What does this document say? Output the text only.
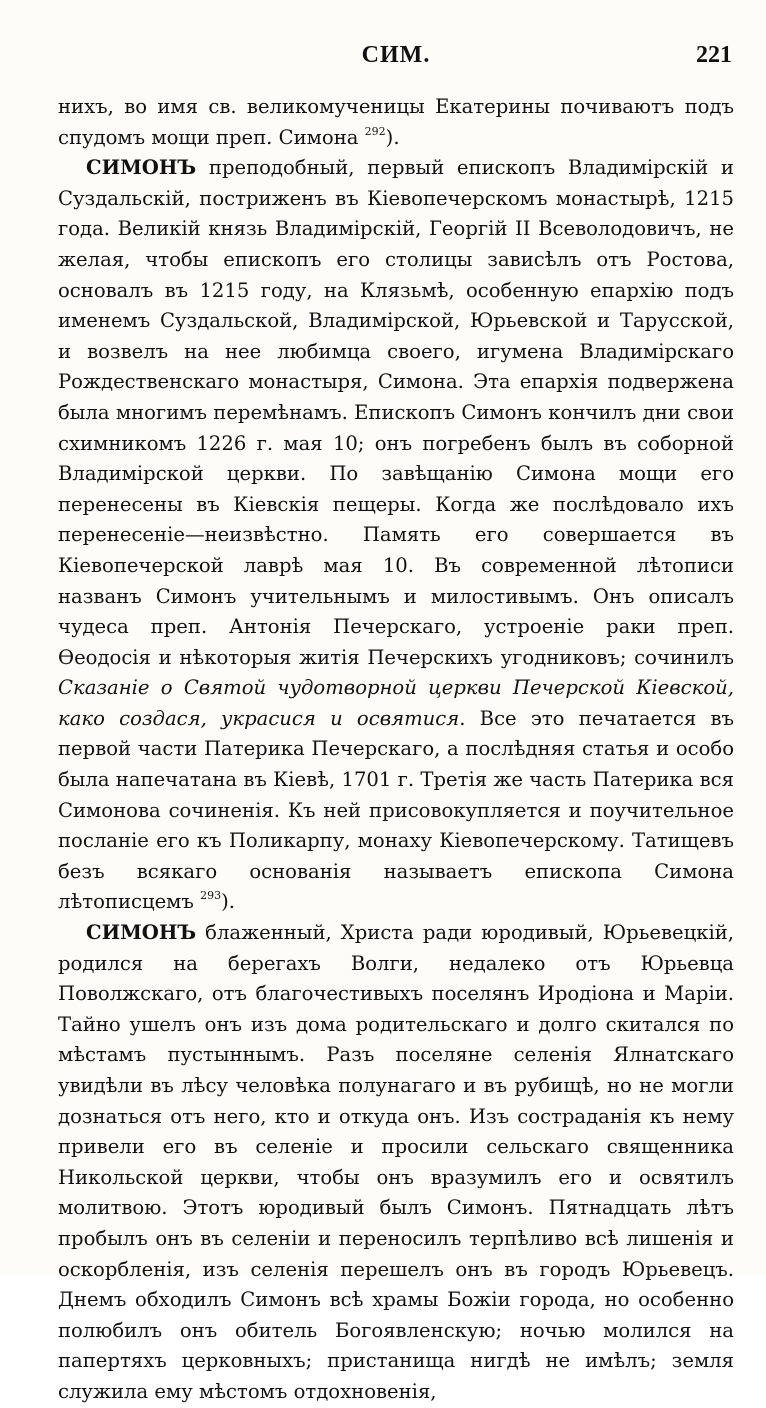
СИМ.	221

нихъ, во имя св. великомученицы Екатерины почиваютъ подъ спудомъ мощи преп. Симона $^{292}$).

СИМОНЪ преподобный, первый епископъ Владимірскій и Суздальскій, постриженъ въ Кіевопечерскомъ монастырѣ, 1215 года. Великій князь Владимірскій, Георгій II Всеволодовичъ, не желая, чтобы епископъ его столицы зависѣлъ отъ Ростова, основалъ въ 1215 году, на Клязьмѣ, особенную епархію подъ именемъ Суздальской, Владимірской, Юрьевской и Тарусской, и возвелъ на нее любимца своего, игумена Владимірскаго Рождественскаго монастыря, Симона. Эта епархія подвержена была многимъ перемѣнамъ. Епископъ Симонъ кончилъ дни свои схимникомъ 1226 г. мая 10; онъ погребенъ былъ въ соборной Владимірской церкви. По завѣщанію Симона мощи его перенесены въ Кіевскія пещеры. Когда же послѣдовало ихъ перенесеніе—неизвѣстно. Память его совершается въ Кіевопечерской лаврѣ мая 10. Въ современной лѣтописи названъ Симонъ учительнымъ и милостивымъ. Онъ описалъ чудеса преп. Антонія Печерскаго, устроеніе раки преп. Ѳеодосія и нѣкоторыя житія Печерскихъ угодниковъ; сочинилъ Сказаніе о Святой чудотворной церкви Печерской Кіевской, како создася, украсися и освятися. Все это печатается въ первой части Патерика Печерскаго, а послѣдняя статья и особо была напечатана въ Кіевѣ, 1701 г. Третія же часть Патерика вся Симонова сочиненія. Къ ней присовокупляется и поучительное посланіе его къ Поликарпу, монаху Кіевопечерскому. Татищевъ безъ всякаго основанія называетъ епископа Симона лѣтописцемъ $^{293}$).

СИМОНЪ блаженный, Христа ради юродивый, Юрьевецкій, родился на берегахъ Волги, недалеко отъ Юрьевца Поволжскаго, отъ благочестивыхъ поселянъ Иродіона и Маріи. Тайно ушелъ онъ изъ дома родительскаго и долго скитался по мѣстамъ пустыннымъ. Разъ поселяне селенія Ялнатскаго увидѣли въ лѣсу человѣка полунагаго и въ рубищѣ, но не могли дознаться отъ него, кто и откуда онъ. Изъ состраданія къ нему привели его въ селеніе и просили сельскаго священника Никольской церкви, чтобы онъ вразумилъ его и освятилъ молитвою. Этотъ юродивый былъ Симонъ. Пятнадцать лѣтъ пробылъ онъ въ селеніи и переносилъ терпѣливо всѣ лишенія и оскорбленія, изъ селенія перешелъ онъ въ городъ Юрьевецъ. Днемъ обходилъ Симонъ всѣ храмы Божіи города, но особенно полюбилъ онъ обитель Богоявленскую; ночью молился на папертяхъ церковныхъ; пристанища нигдѣ не имѣлъ; земля служила ему мѣстомъ отдохновенія,
